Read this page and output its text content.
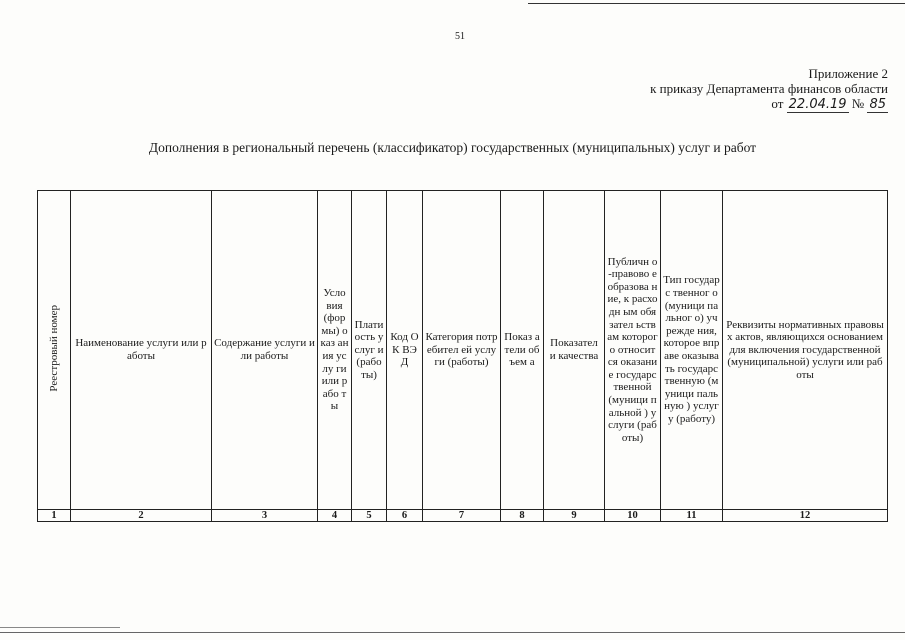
51
Приложение 2
к приказу Департамента финансов области
от 22.04.19 № 85
Дополнения в региональный перечень (классификатор) государственных (муниципальных) услуг и работ
Реестровый номер	Наименование услуги или работы	Содержание услуги или работы	Усло вия (фор мы) оказ ания услу ги или рабо ты	Плати ость услуг и (рабо ты)	Код ОК ВЭД	Категория потребител ей услуги (работы)	Показ атели объем а	Показател и качества	Публичн о-правово е образова ние, к расходн ым обязател ьствам которог о относит ся оказание государс твенной (муници пальной ) услуги (работы)	Тип государс твенног о (муници пальног о) учрежде ния, которое вправе оказыва ть государс твенную (муници пальную ) услугу (работу)	Реквизиты нормативных правовых актов, являющихся основанием для включения государственной (муниципальной) услуги или работы
1	2	3	4	5	6	7	8	9	10	11	12
